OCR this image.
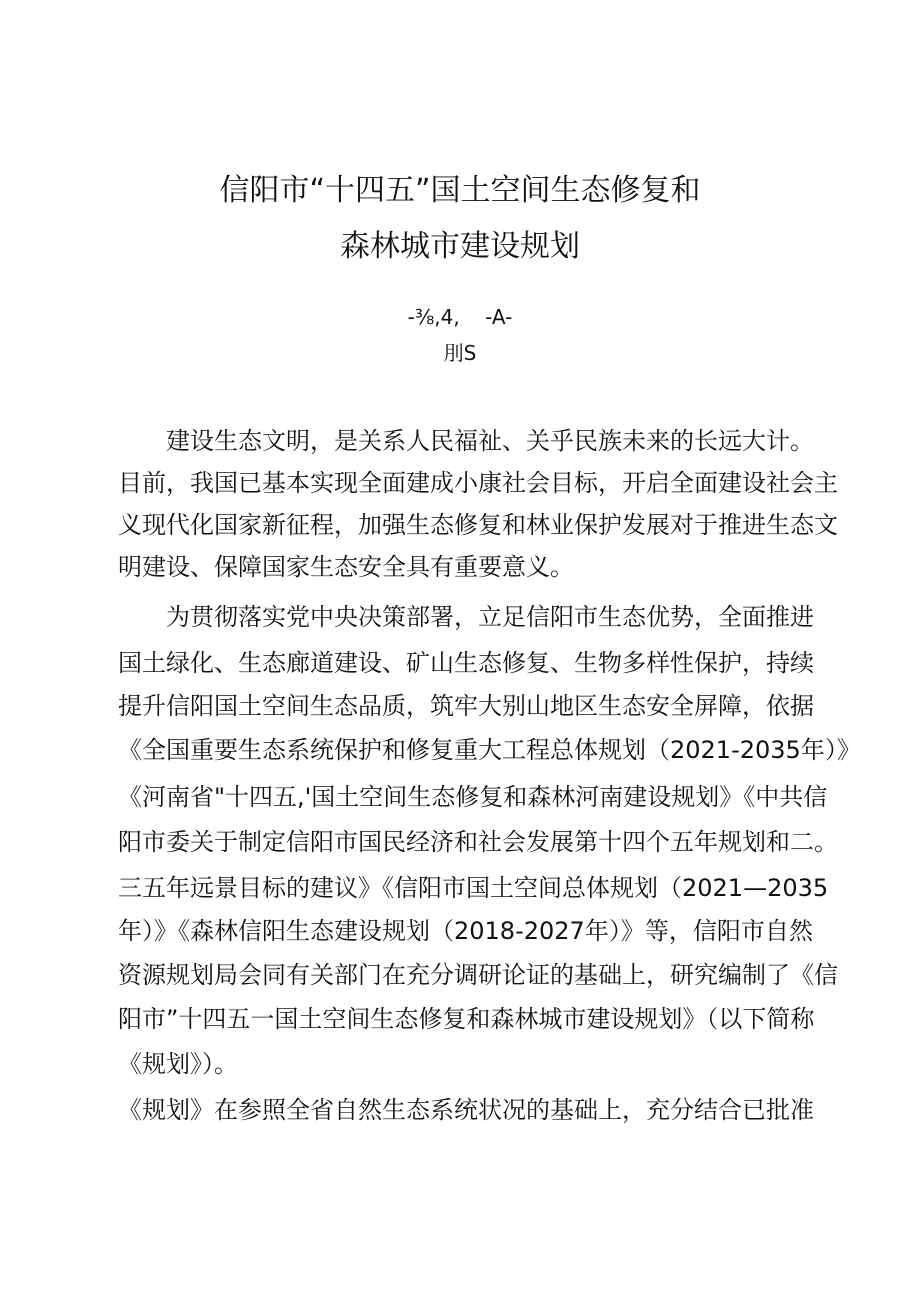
信阳市“十四五”国土空间生态修复和
森林城市建设规划
-⅜,4,    -A-
刖S
　　建设生态文明，是关系人民福祉、关乎民族未来的长远大计。
目前，我国已基本实现全面建成小康社会目标，开启全面建设社会主
义现代化国家新征程，加强生态修复和林业保护发展对于推进生态文
明建设、保障国家生态安全具有重要意义。
　　为贯彻落实党中央决策部署，立足信阳市生态优势，全面推进
国土绿化、生态廊道建设、矿山生态修复、生物多样性保护，持续
提升信阳国土空间生态品质，筑牢大别山地区生态安全屏障，依据
《全国重要生态系统保护和修复重大工程总体规划（2021-2035年）》
《河南省"十四五,'国土空间生态修复和森林河南建设规划》《中共信
阳市委关于制定信阳市国民经济和社会发展第十四个五年规划和二。
三五年远景目标的建议》《信阳市国土空间总体规划（2021—2035
年）》《森林信阳生态建设规划（2018-2027年）》等，信阳市自然
资源规划局会同有关部门在充分调研论证的基础上，研究编制了《信
阳市”十四五一国土空间生态修复和森林城市建设规划》（以下简称
《规划》）。
《规划》在参照全省自然生态系统状况的基础上，充分结合已批准
